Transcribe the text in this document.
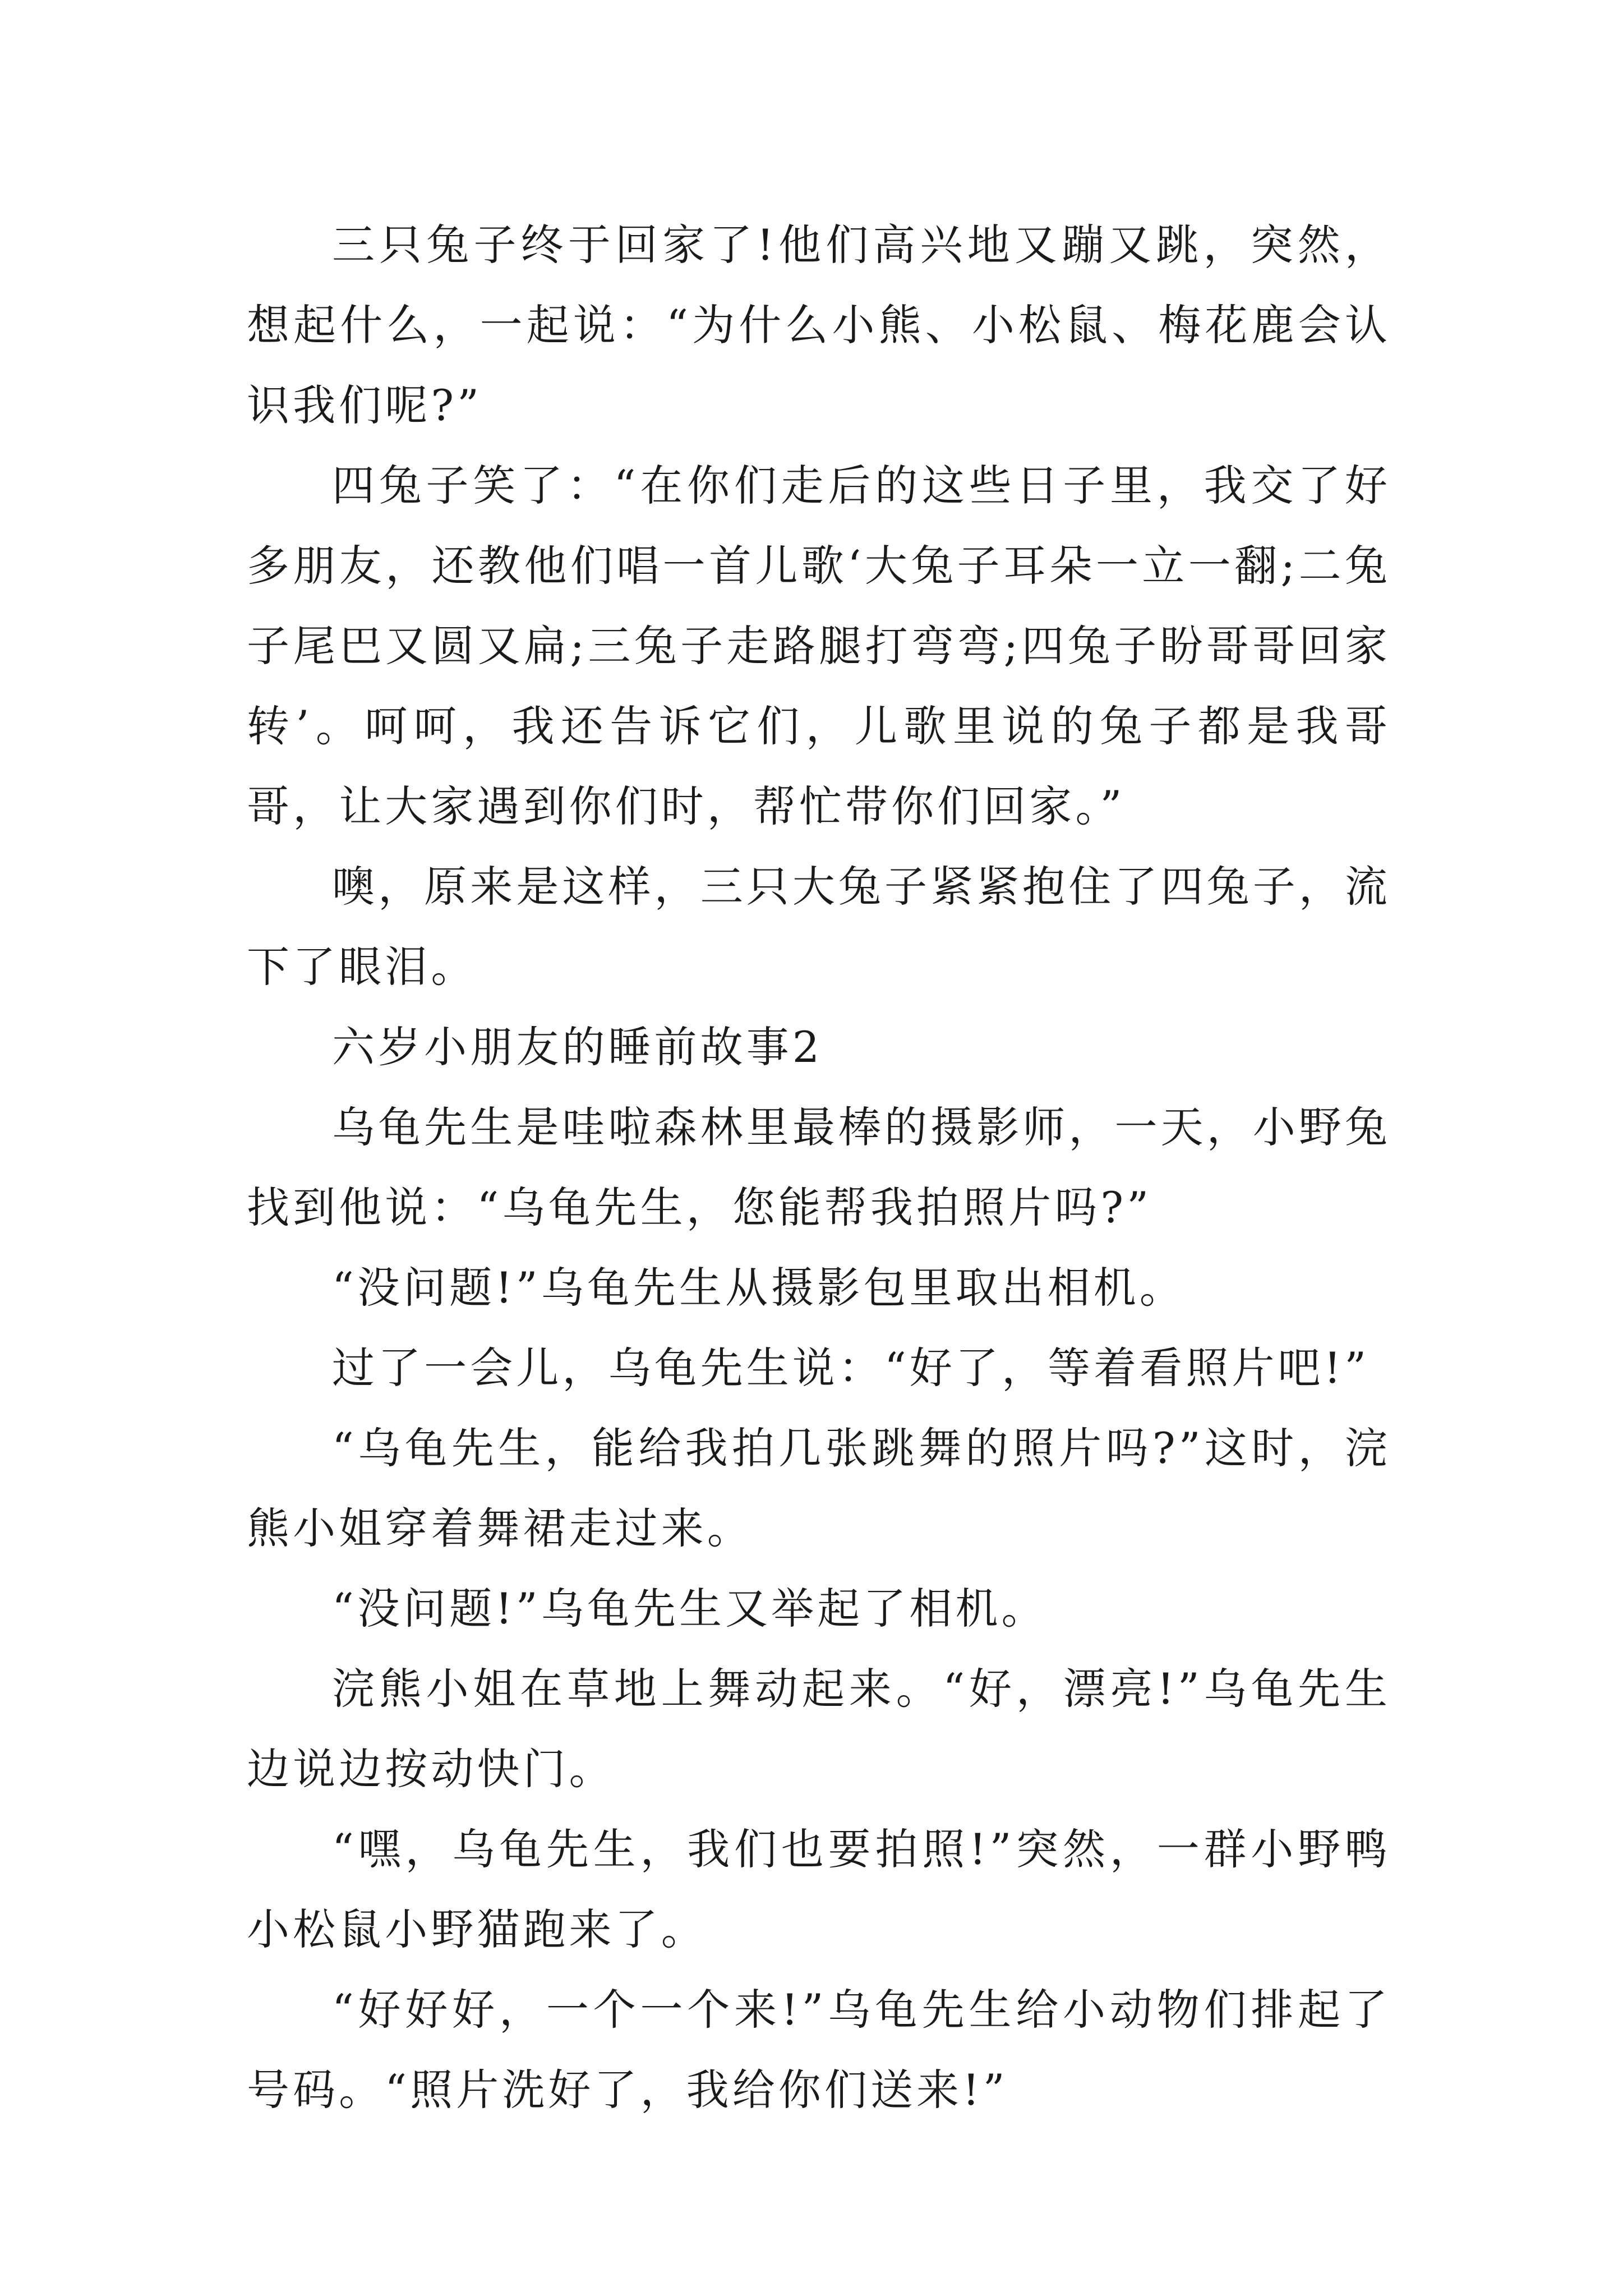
三只兔子终于回家了!他们高兴地又蹦又跳，突然，想起什么，一起说：“为什么小熊、小松鼠、梅花鹿会认识我们呢?”

四兔子笑了：“在你们走后的这些日子里，我交了好多朋友，还教他们唱一首儿歌‘大兔子耳朵一立一翻;二兔子尾巴又圆又扁;三兔子走路腿打弯弯;四兔子盼哥哥回家转’。呵呵，我还告诉它们，儿歌里说的兔子都是我哥哥，让大家遇到你们时，帮忙带你们回家。”

噢，原来是这样，三只大兔子紧紧抱住了四兔子，流下了眼泪。

六岁小朋友的睡前故事2

乌龟先生是哇啦森林里最棒的摄影师，一天，小野兔找到他说：“乌龟先生，您能帮我拍照片吗?”

“没问题!”乌龟先生从摄影包里取出相机。

过了一会儿，乌龟先生说：“好了，等着看照片吧!”

“乌龟先生，能给我拍几张跳舞的照片吗?”这时，浣熊小姐穿着舞裙走过来。

“没问题!”乌龟先生又举起了相机。

浣熊小姐在草地上舞动起来。“好，漂亮!”乌龟先生边说边按动快门。

“嘿，乌龟先生，我们也要拍照!”突然，一群小野鸭小松鼠小野猫跑来了。

“好好好，一个一个来!”乌龟先生给小动物们排起了号码。“照片洗好了，我给你们送来!”
